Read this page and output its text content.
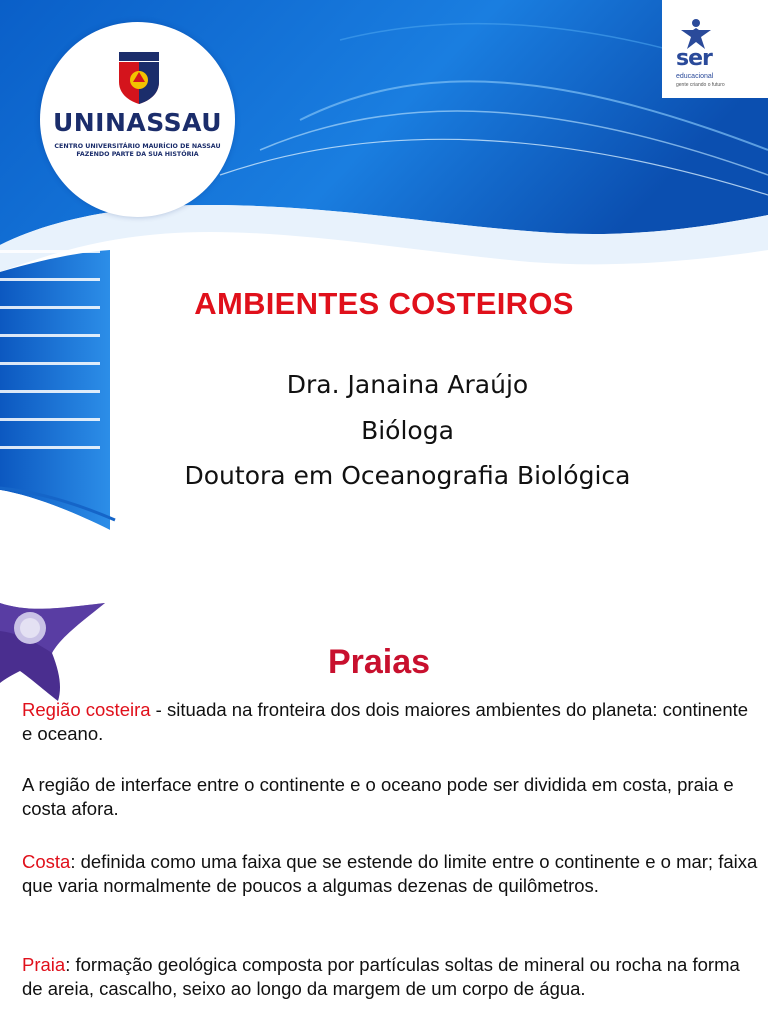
UNINASSAU
CENTRO UNIVERSITÁRIO MAURÍCIO DE NASSAU
FAZENDO PARTE DA SUA HISTÓRIA
ser
educacional
gente criando o futuro
AMBIENTES COSTEIROS
Dra. Janaina Araújo
Bióloga
Doutora em Oceanografia Biológica
Praias
Região costeira - situada na fronteira dos dois maiores ambientes do planeta: continente e oceano.
A região de interface entre o continente e o oceano pode ser dividida em costa, praia e costa afora.
Costa: definida como uma faixa que se estende do limite entre o continente e o mar; faixa que varia normalmente de poucos a algumas dezenas de quilômetros.
Praia: formação geológica composta por partículas soltas de mineral ou rocha na forma de areia, cascalho, seixo ao longo da margem de um corpo de água.
